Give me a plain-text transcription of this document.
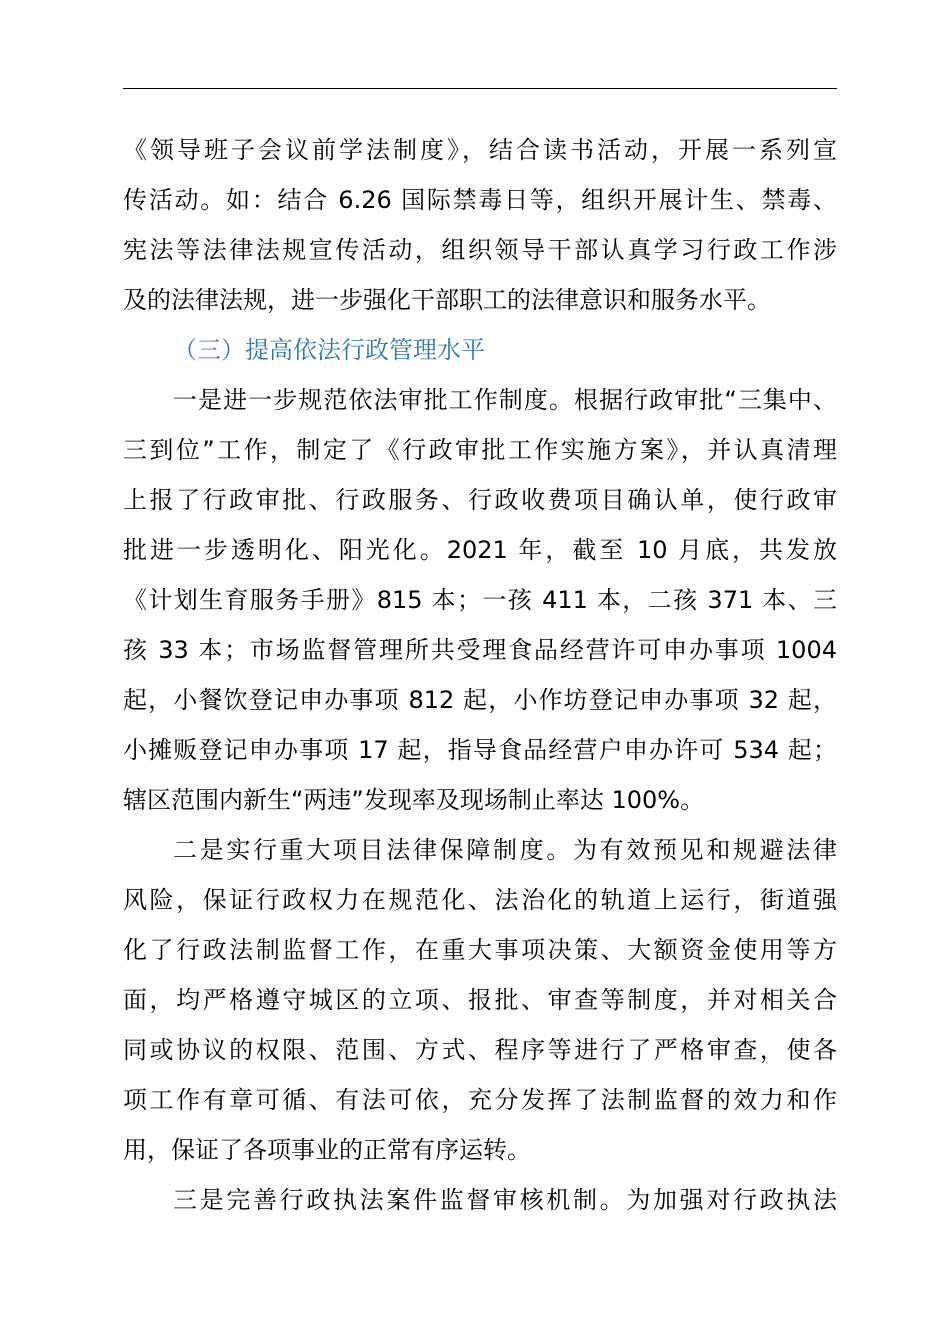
《领导班子会议前学法制度》，结合读书活动，开展一系列宣
传活动。如：结合 6.26 国际禁毒日等，组织开展计生、禁毒、
宪法等法律法规宣传活动，组织领导干部认真学习行政工作涉
及的法律法规，进一步强化干部职工的法律意识和服务水平。
（三）提高依法行政管理水平
一是进一步规范依法审批工作制度。根据行政审批“三集中、
三到位”工作，制定了《行政审批工作实施方案》，并认真清理
上报了行政审批、行政服务、行政收费项目确认单，使行政审
批进一步透明化、阳光化。2021 年，截至 10 月底，共发放
《计划生育服务手册》815 本；一孩 411 本，二孩 371 本、三
孩 33 本；市场监督管理所共受理食品经营许可申办事项 1004
起，小餐饮登记申办事项 812 起，小作坊登记申办事项 32 起，
小摊贩登记申办事项 17 起，指导食品经营户申办许可 534 起；
辖区范围内新生“两违”发现率及现场制止率达 100%。
二是实行重大项目法律保障制度。为有效预见和规避法律
风险，保证行政权力在规范化、法治化的轨道上运行，街道强
化了行政法制监督工作，在重大事项决策、大额资金使用等方
面，均严格遵守城区的立项、报批、审查等制度，并对相关合
同或协议的权限、范围、方式、程序等进行了严格审查，使各
项工作有章可循、有法可依，充分发挥了法制监督的效力和作
用，保证了各项事业的正常有序运转。
三是完善行政执法案件监督审核机制。为加强对行政执法
